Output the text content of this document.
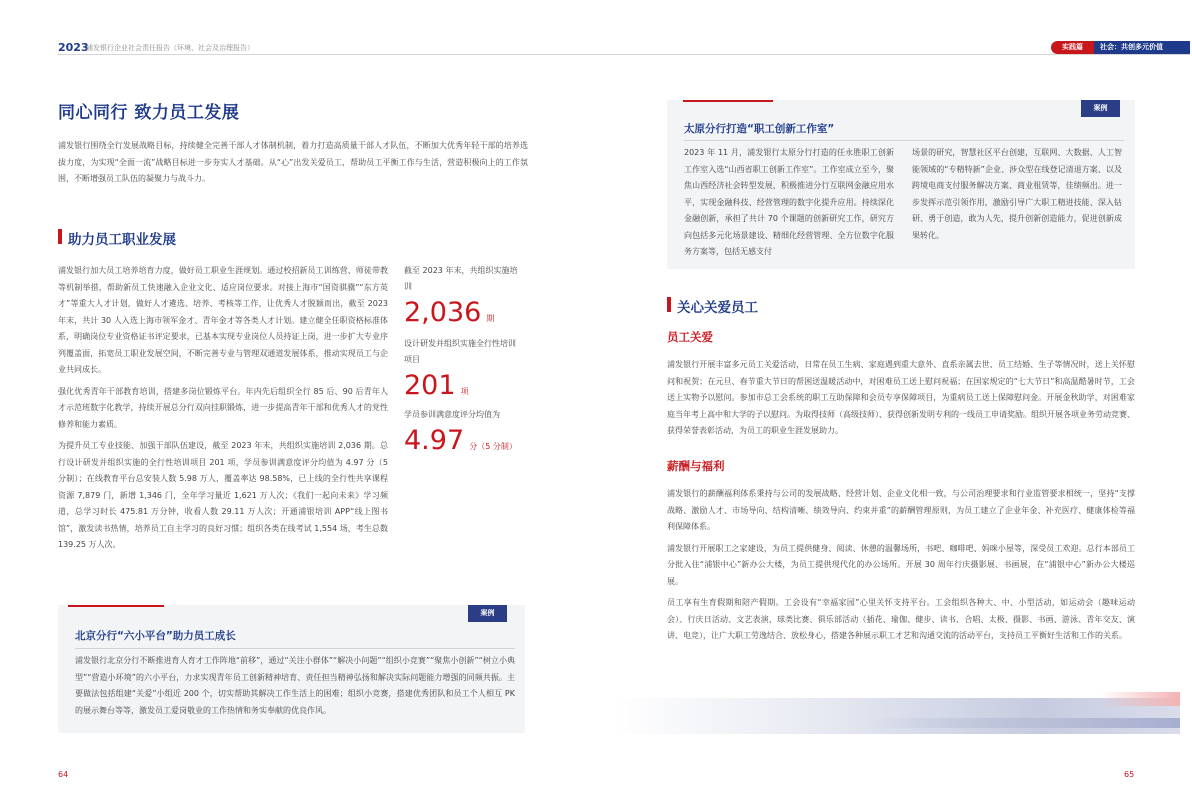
2023
浦发银行企业社会责任报告（环境、社会及治理报告）	实践篇	社会：共创多元价值
同心同行 致力员工发展
浦发银行围绕全行发展战略目标，持续健全完善干部人才体制机制，着力打造高质量干部人才队伍，不断加大优秀年轻干部的培养选拔力度，为实现“全面一流”战略目标进一步夯实人才基础。从“心”出发关爱员工，帮助员工平衡工作与生活，营造积极向上的工作氛围，不断增强员工队伍的凝聚力与战斗力。
助力员工职业发展

浦发银行加大员工培养培育力度，做好员工职业生涯规划。通过校招新员工训练营、师徒带教等机制举措，帮助新员工快速融入企业文化、适应岗位要求。对接上海市“国资骐骥”“东方英才”等重大人才计划，做好人才遴选、培养、考核等工作，让优秀人才脱颖而出，截至 2023 年末，共计 30 人入选上海市领军金才、青年金才等各类人才计划。建立健全任职资格标准体系，明确岗位专业资格证书评定要求，已基本实现专业岗位人员持证上岗，进一步扩大专业序列覆盖面，拓宽员工职业发展空间，不断完善专业与管理双通道发展体系，推动实现员工与企业共同成长。

强化优秀青年干部教育培训，搭建多岗位锻炼平台。年内先后组织全行 85 后、90 后青年人才示范班数字化教学，持续开展总分行双向挂职锻炼，进一步提高青年干部和优秀人才的党性修养和能力素质。

为提升员工专业技能、加强干部队伍建设，截至 2023 年末，共组织实施培训 2,036 期。总行设计研发并组织实施的全行性培训项目 201 项，学员参训满意度评分均值为 4.97 分（5 分制）；在线教育平台总安装人数 5.98 万人，覆盖率达 98.58%，已上线的全行性共享课程资源 7,879 门，新增 1,346 门，全年学习量近 1,621 万人次；《我们一起向未来》学习频道，总学习时长 475.81 万分钟，收看人数 29.11 万人次；开通浦银培训 APP“线上图书馆”，激发读书热情，培养员工自主学习的良好习惯；组织各类在线考试 1,554 场，考生总数 139.25 万人次。

截至 2023 年末，共组织实施培训
2,036 期
设计研发并组织实施全行性培训项目
201 项
学员参训满意度评分均值为
4.97 分（5 分制）
案例
北京分行“六小平台”助力员工成长
浦发银行北京分行不断推进育人育才工作阵地“前移”，通过“关注小群体”“解决小问题”“组织小竞赛”“聚焦小创新”“树立小典型”“营造小环境”的六小平台，力求实现青年员工创新精神培育、责任担当精神弘扬和解决实际问题能力增强的同频共振。主要做法包括组建“关爱”小组近 200 个，切实帮助其解决工作生活上的困难；组织小竞赛，搭建优秀团队和员工个人相互 PK 的展示舞台等等，激发员工爱岗敬业的工作热情和务实奉献的优良作风。
64
案例
太原分行打造“职工创新工作室”
2023 年 11 月，浦发银行太原分行打造的任永胜职工创新工作室入选“山西省职工创新工作室”。工作室成立至今，聚焦山西经济社会转型发展，积极推进分行互联网金融应用水平，实现金融科技、经营管理的数字化提升应用。持续深化金融创新，承担了共计 70 个课题的创新研究工作，研究方向包括多元化场景建设、精细化经营管理、全方位数字化服务方案等，包括无感支付
场景的研究，智慧社区平台创建，互联网、大数据、人工智能领域的“专精特新”企业、涉众型在线登记清退方案、以及跨境电商支付服务解决方案、商业租赁等，佳绩频出。进一步发挥示范引领作用，激励引导广大职工精进技能、深入钻研、勇于创造，敢为人先，提升创新创造能力，促进创新成果转化。
关心关爱员工
员工关爱
浦发银行开展丰富多元员工关爱活动，日常在员工生病、家庭遇到重大意外、直系亲属去世、员工结婚、生子等情况时，送上关怀慰问和祝贺；在元旦、春节重大节日的帮困送温暖活动中，对困难员工送上慰问祝福；在国家规定的“七大节日”和高温酷暑时节，工会送上实物予以慰问。参加市总工会系统的职工互助保障和会员专享保障项目，为重病员工送上保障慰问金。开展金秋助学，对困难家庭当年考上高中和大学的子以慰问。为取得技师（高级技师）、获得创新发明专利的一线员工申请奖励。组织开展各项业务劳动竞赛、获得荣誉表彰活动，为员工的职业生涯发展助力。
薪酬与福利

浦发银行的薪酬福利体系秉持与公司的发展战略、经营计划、企业文化相一致，与公司治理要求和行业监管要求相统一，坚持“支撑战略、激励人才、市场导向、结构清晰、绩效导向、约束并重”的薪酬管理原则，为员工建立了企业年金、补充医疗、健康体检等福利保障体系。

浦发银行开展职工之家建设，为员工提供健身、阅读、休憩的温馨场所，书吧、咖啡吧、妈咪小屋等，深受员工欢迎。总行本部员工分批入住“浦银中心”新办公大楼，为员工提供现代化的办公场所。开展 30 周年行庆摄影展、书画展，在“浦银中心”新办公大楼巡展。

员工享有生育假期和陪产假期。工会设有“幸福家园”心里关怀支持平台。工会组织各种大、中、小型活动，如运动会（趣味运动会）、行庆日活动、文艺表演、球类比赛、俱乐部活动（插花、瑜伽、健步、读书、合唱、太极、摄影、书画、游泳、青年交友、演讲、电竞），让广大职工劳逸结合、放松身心，搭建各种展示职工才艺和沟通交流的活动平台，支持员工平衡好生活和工作的关系。

65
